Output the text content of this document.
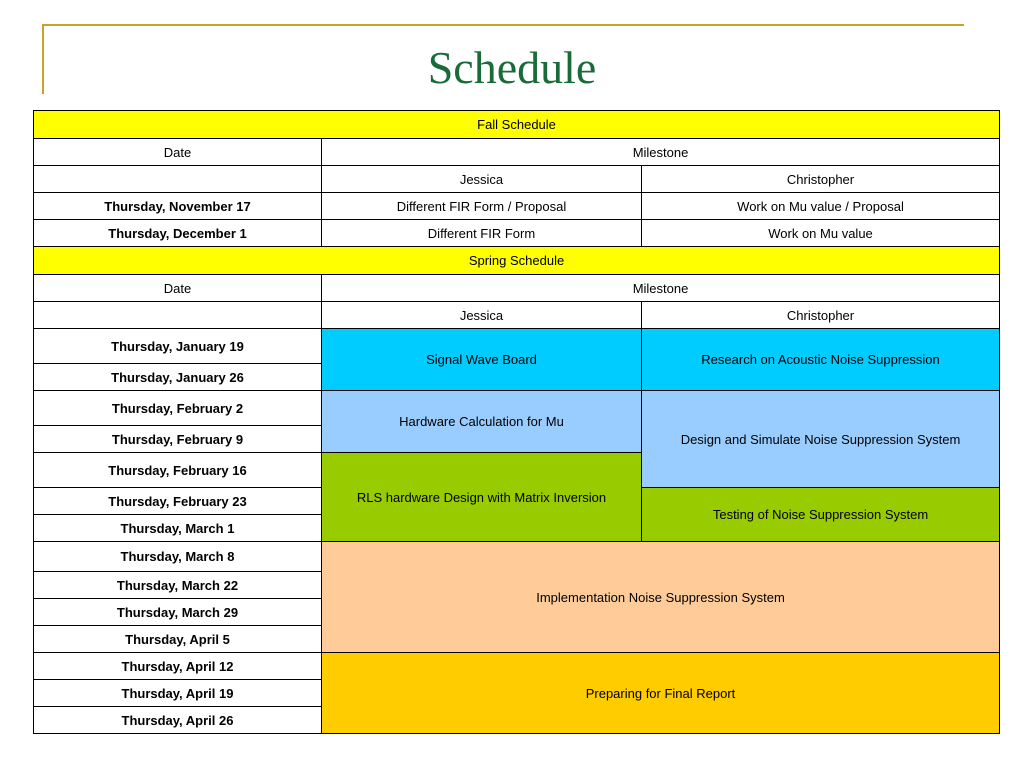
Schedule
Fall Schedule		
Date	Milestone	
	Jessica	Christopher
Thursday, November 17	Different FIR Form / Proposal	Work on Mu value / Proposal
Thursday, December 1	Different FIR Form	Work on Mu value
Spring Schedule		
Date	Milestone	
	Jessica	Christopher
Thursday, January 19	Signal Wave Board	Research on Acoustic Noise Suppression
Thursday, January 26		
Thursday, February 2	Hardware Calculation for Mu	Design and Simulate Noise Suppression System
Thursday, February 9		
Thursday, February 16	RLS hardware Design with Matrix Inversion	
Thursday, February 23		Testing of Noise Suppression System
Thursday, March 1		
Thursday, March 8	Implementation Noise Suppression System	
Thursday, March 22		
Thursday, March 29		
Thursday, April 5		
Thursday, April 12	Preparing for Final Report	
Thursday, April 19		
Thursday, April 26		
